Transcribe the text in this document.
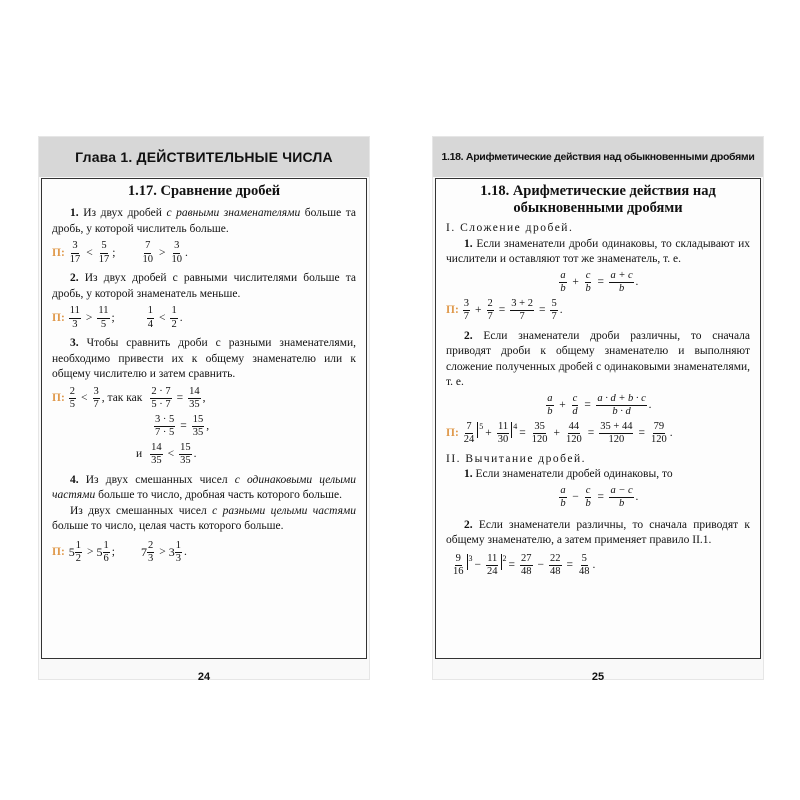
Глава 1. ДЕЙСТВИТЕЛЬНЫЕ ЧИСЛА
1.17. Сравнение дробей

1. Из двух дробей с равными знаменателями больше та дробь, у которой числитель больше.

П: $\frac{3}{17} < \frac{5}{17}$ ; $\frac{7}{10} > \frac{3}{10}$ .

2. Из двух дробей с равными числителями больше та дробь, у которой знаменатель меньше.

П: $\frac{11}{3} > \frac{11}{5}$ ;	$\frac{1}{4} < \frac{1}{2}$ .

3. Чтобы сравнить дроби с разными знаменателями, необходимо привести их к общему знаменателю или к общему числителю и затем сравнить.

П: $\frac{2}{5} < \frac{3}{7}$ , так как $\frac{2 \cdot 7}{5 \cdot 7} = \frac{14}{35}$ ,
$\frac{3 \cdot 5}{7 \cdot 5} = \frac{15}{35}$ ,
и $\frac{14}{35} < \frac{15}{35}$ .

4. Из двух смешанных чисел с одинаковыми целыми частями больше то число, дробная часть которого больше.

Из двух смешанных чисел с разными целыми частями больше то число, целая часть которого больше.

П: $5 \frac{1}{2} > 5 \frac{1}{6}$ ; $7 \frac{2}{3} > 3 \frac{1}{3}$ .
24
1.18. Арифметические действия над обыкновенными дробями
1.18. Арифметические действия над
обыкновенными дробями
I. Сложение дробей.

1. Если знаменатели дроби одинаковы, то складывают их числители и оставляют тот же знаменатель, т. е.

$\frac{a}{b} + \frac{c}{b} = \frac{a + c}{b}$ .
П: $\frac{3}{7} + \frac{2}{7} = \frac{3 + 2}{7} = \frac{5}{7}$ .

2. Если знаменатели дроби различны, то сначала приводят дроби к общему знаменателю и выполняют сложение полученных дробей с одинаковыми знаменателями, т. е.

$\frac{a}{b} + \frac{c}{d} = \frac{a \cdot d + b \cdot c}{b \cdot d}$ .
П: $\frac{7}{24} 5$
+ $\frac{11}{30} 4$
= $\frac{35}{120} + \frac{44}{120} = \frac{35 + 44}{120} = \frac{79}{120}$ .
II. Вычитание дробей.

1. Если знаменатели дробей одинаковы, то

$\frac{a}{b} - \frac{c}{b} = \frac{a - c}{b}$ .

2. Если знаменатели различны, то сначала приводят к общему знаменателю, а затем применяет правило II.1.

$\frac{9}{16} 3$
− $\frac{11}{24} 2$
= $\frac{27}{48} - \frac{22}{48} = \frac{5}{48}$ .
25
